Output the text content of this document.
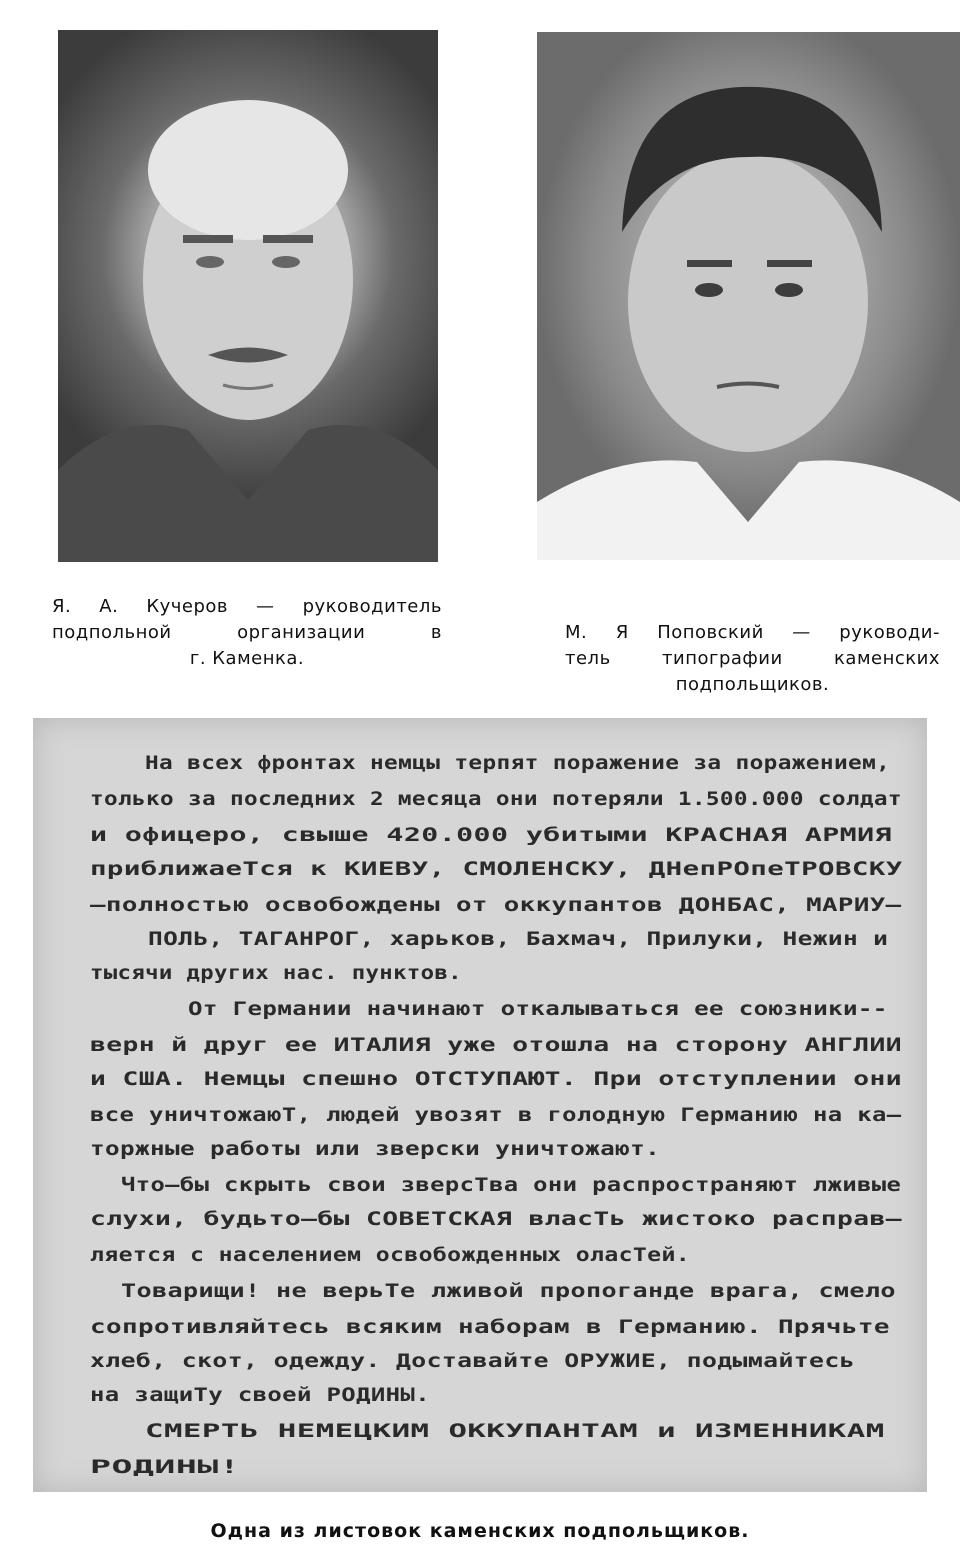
Я. А. Кучеров — руководитель
подпольной организации в
г. Каменка.
М. Я Поповский — руководи-
тель типографии каменских
подпольщиков.
На всех фронтах немцы терпят поражение за поражением,
только за последних 2 месяца они потеряли 1.500.000 солдат
и офицеро, свыше 420.000 убитыми КРАСНАЯ АРМИЯ
приближаеТся к КИЕВУ, СМОЛЕНСКУ, ДНепРОпеТРОВСКУ
—полностью освобождены от оккупантов ДОНБАС, МАРИУ—
ПОЛЬ, ТАГАНРОГ, харьков, Бахмач, Прилуки, Нежин и
тысячи других нас. пунктов.
От Германии начинают откалываться ее союзники--
верн й друг ее ИТАЛИЯ уже отошла на сторону АНГЛИИ
и США. Немцы спешно ОТСТУПАЮТ. При отступлении они
все уничтожаюТ, людей увозят в голодную Германию на ка—
торжные работы или зверски уничтожают.
Что—бы скрыть свои зверсТва они распространяют лживые
слухи, будьто—бы СОВЕТСКАЯ власТь жистоко расправ—
ляется с населением освобожденных оласТей.
Товарищи! не верьТе лживой пропоганде врага, смело
сопротивляйтесь всяким наборам в Германию. Прячьте
хлеб, скот, одежду. Доставайте ОРУЖИЕ, подымайтесь
на защиТу своей РОДИНЫ.
СМЕРТЬ НЕМЕЦКИМ ОККУПАНТАМ и ИЗМЕННИКАМ
РОДИНЫ!
Одна из листовок каменских подпольщиков.
